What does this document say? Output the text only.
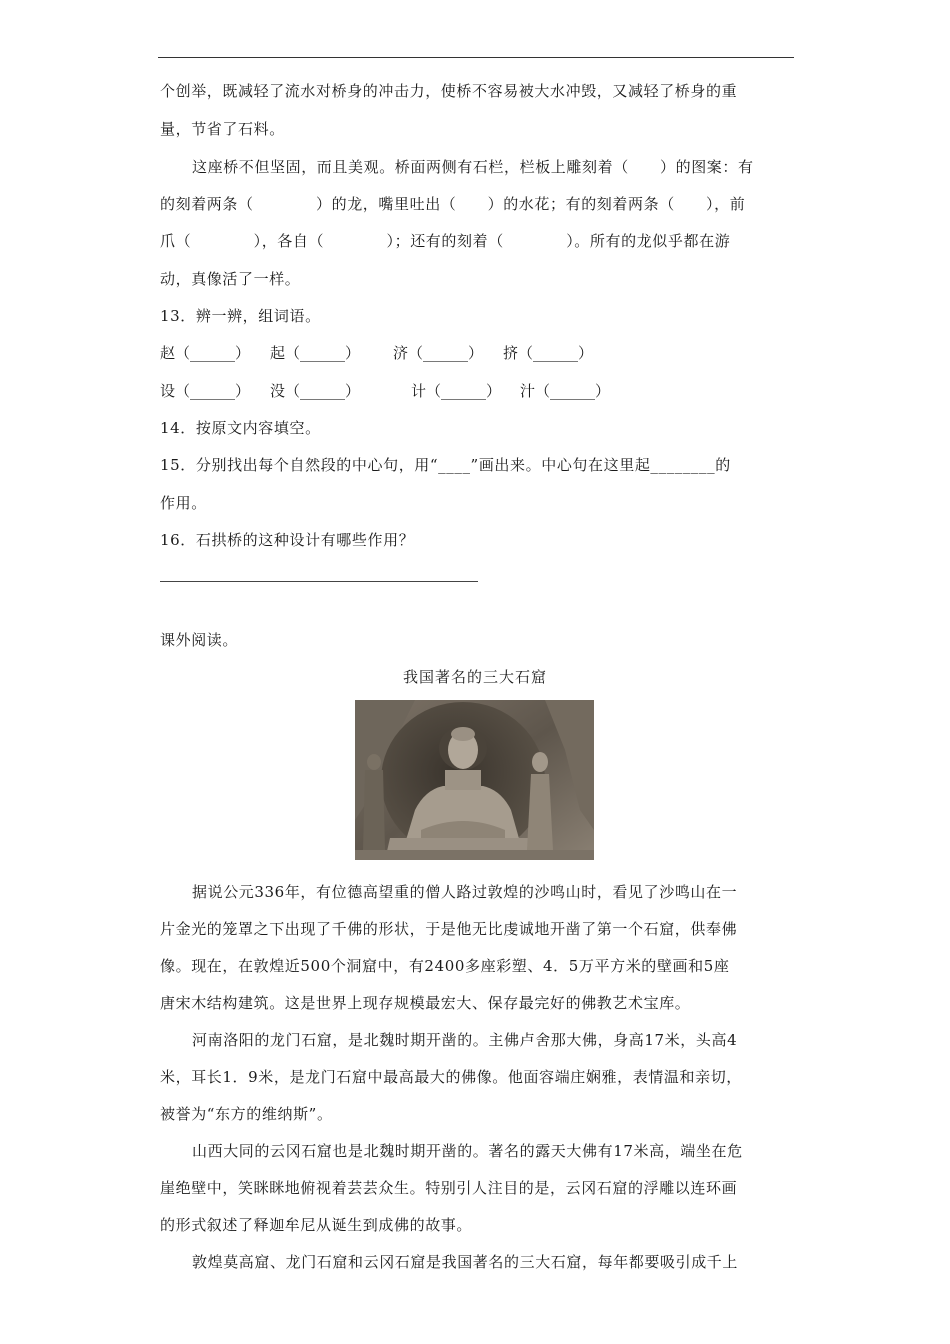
个创举，既减轻了流水对桥身的冲击力，使桥不容易被大水冲毁，又减轻了桥身的重
量，节省了石料。
这座桥不但坚固，而且美观。桥面两侧有石栏，栏板上雕刻着（　　）的图案：有
的刻着两条（　　　　）的龙，嘴里吐出（　　）的水花；有的刻着两条（　　），前
爪（　　　　），各自（　　　　）；还有的刻着（　　　　）。所有的龙似乎都在游
动，真像活了一样。
13．辨一辨，组词语。
赵（______） 起（______） 济（______） 挤（______）
设（______） 没（______）	计（______） 汁（______）
14．按原文内容填空。
15．分别找出每个自然段的中心句，用“____”画出来。中心句在这里起________的
作用。
16．石拱桥的这种设计有哪些作用？
课外阅读。
我国著名的三大石窟
据说公元336年，有位德高望重的僧人路过敦煌的沙鸣山时，看见了沙鸣山在一
片金光的笼罩之下出现了千佛的形状，于是他无比虔诚地开凿了第一个石窟，供奉佛
像。现在，在敦煌近500个洞窟中，有2400多座彩塑、4．5万平方米的壁画和5座
唐宋木结构建筑。这是世界上现存规模最宏大、保存最完好的佛教艺术宝库。
河南洛阳的龙门石窟，是北魏时期开凿的。主佛卢舍那大佛，身高17米，头高4
米，耳长1．9米，是龙门石窟中最高最大的佛像。他面容端庄娴雅，表情温和亲切，
被誉为“东方的维纳斯”。
山西大同的云冈石窟也是北魏时期开凿的。著名的露天大佛有17米高，端坐在危
崖绝壁中，笑眯眯地俯视着芸芸众生。特别引人注目的是，云冈石窟的浮雕以连环画
的形式叙述了释迦牟尼从诞生到成佛的故事。
敦煌莫高窟、龙门石窟和云冈石窟是我国著名的三大石窟，每年都要吸引成千上
